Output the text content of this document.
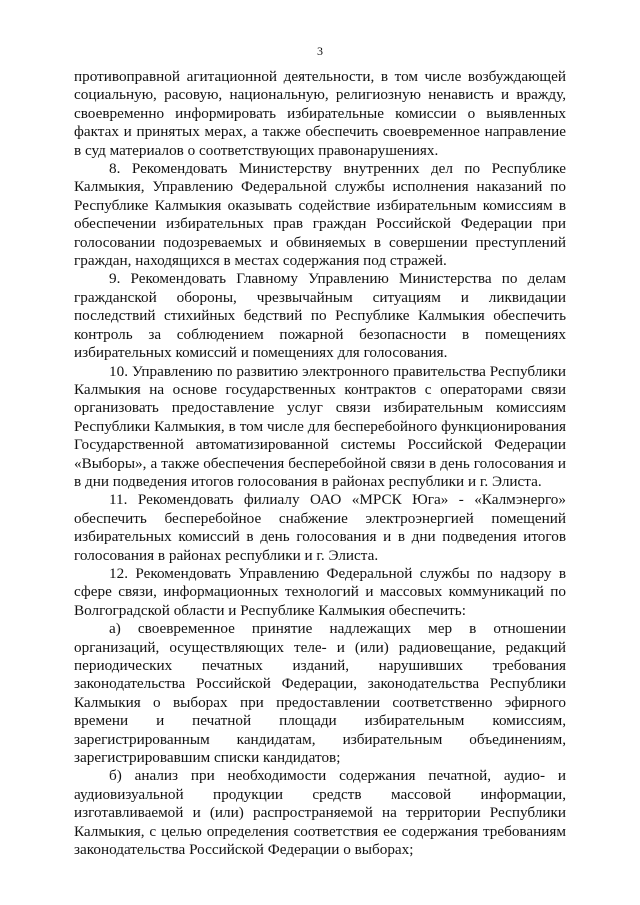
3

противоправной агитационной деятельности, в том числе возбуждающей социальную, расовую, национальную, религиозную ненависть и вражду, своевременно информировать избирательные комиссии о выявленных фактах и принятых мерах, а также обеспечить своевременное направление в суд материалов о соответствующих правонарушениях.

8. Рекомендовать Министерству внутренних дел по Республике Калмыкия, Управлению Федеральной службы исполнения наказаний по Республике Калмыкия оказывать содействие избирательным комиссиям в обеспечении избирательных прав граждан Российской Федерации при голосовании подозреваемых и обвиняемых в совершении преступлений граждан, находящихся в местах содержания под стражей.

9. Рекомендовать Главному Управлению Министерства по делам гражданской обороны, чрезвычайным ситуациям и ликвидации последствий стихийных бедствий по Республике Калмыкия обеспечить контроль за соблюдением пожарной безопасности в помещениях избирательных комиссий и помещениях для голосования.

10. Управлению по развитию электронного правительства Республики Калмыкия на основе государственных контрактов с операторами связи организовать предоставление услуг связи избирательным комиссиям Республики Калмыкия, в том числе для бесперебойного функционирования Государственной автоматизированной системы Российской Федерации «Выборы», а также обеспечения бесперебойной связи в день голосования и в дни подведения итогов голосования в районах республики и г. Элиста.

11. Рекомендовать филиалу ОАО «МРСК Юга» - «Калмэнерго» обеспечить бесперебойное снабжение электроэнергией помещений избирательных комиссий в день голосования и в дни подведения итогов голосования в районах республики и г. Элиста.

12. Рекомендовать Управлению Федеральной службы по надзору в сфере связи, информационных технологий и массовых коммуникаций по Волгоградской области и Республике Калмыкия обеспечить:

а) своевременное принятие надлежащих мер в отношении организаций, осуществляющих теле- и (или) радиовещание, редакций периодических печатных изданий, нарушивших требования законодательства Российской Федерации, законодательства Республики Калмыкия о выборах при предоставлении соответственно эфирного времени и печатной площади избирательным комиссиям, зарегистрированным кандидатам, избирательным объединениям, зарегистрировавшим списки кандидатов;

б) анализ при необходимости содержания печатной, аудио- и аудиовизуальной продукции средств массовой информации, изготавливаемой и (или) распространяемой на территории Республики Калмыкия, с целью определения соответствия ее содержания требованиям законодательства Российской Федерации о выборах;
